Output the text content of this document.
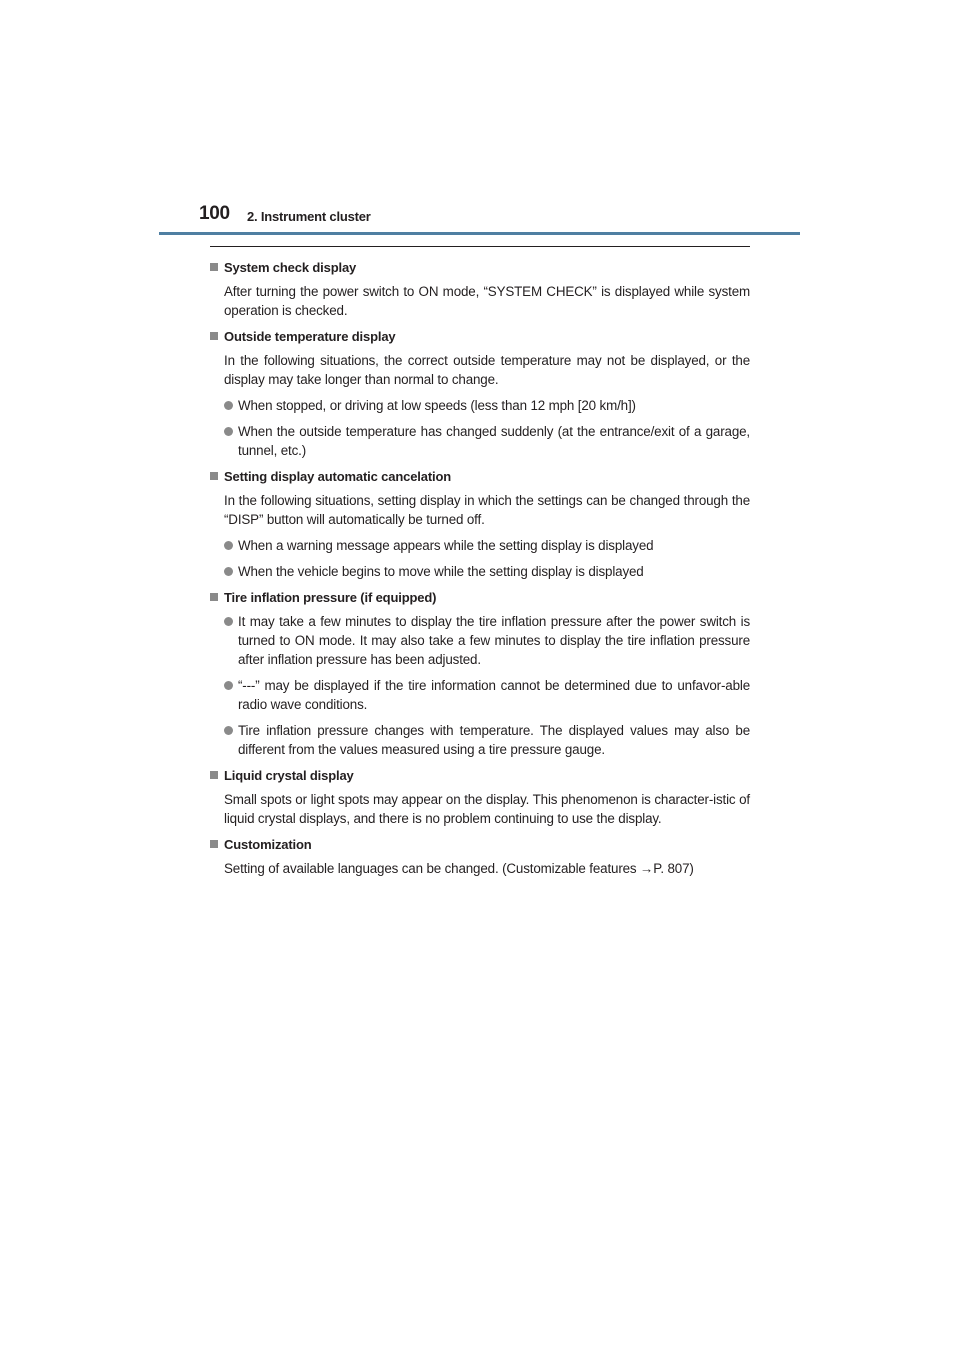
100 2. Instrument cluster
System check display

After turning the power switch to ON mode, “SYSTEM CHECK” is displayed while system operation is checked.

Outside temperature display

In the following situations, the correct outside temperature may not be displayed, or the display may take longer than normal to change.

When stopped, or driving at low speeds (less than 12 mph [20 km/h])
When the outside temperature has changed suddenly (at the entrance/exit of a garage, tunnel, etc.)
Setting display automatic cancelation

In the following situations, setting display in which the settings can be changed through the “DISP” button will automatically be turned off.

When a warning message appears while the setting display is displayed
When the vehicle begins to move while the setting display is displayed
Tire inflation pressure (if equipped)
It may take a few minutes to display the tire inflation pressure after the power switch is turned to ON mode. It may also take a few minutes to display the tire inflation pressure after inflation pressure has been adjusted.
“---” may be displayed if the tire information cannot be determined due to unfavor-able radio wave conditions.
Tire inflation pressure changes with temperature. The displayed values may also be different from the values measured using a tire pressure gauge.
Liquid crystal display

Small spots or light spots may appear on the display. This phenomenon is character-istic of liquid crystal displays, and there is no problem continuing to use the display.

Customization

Setting of available languages can be changed. (Customizable features →P. 807)
